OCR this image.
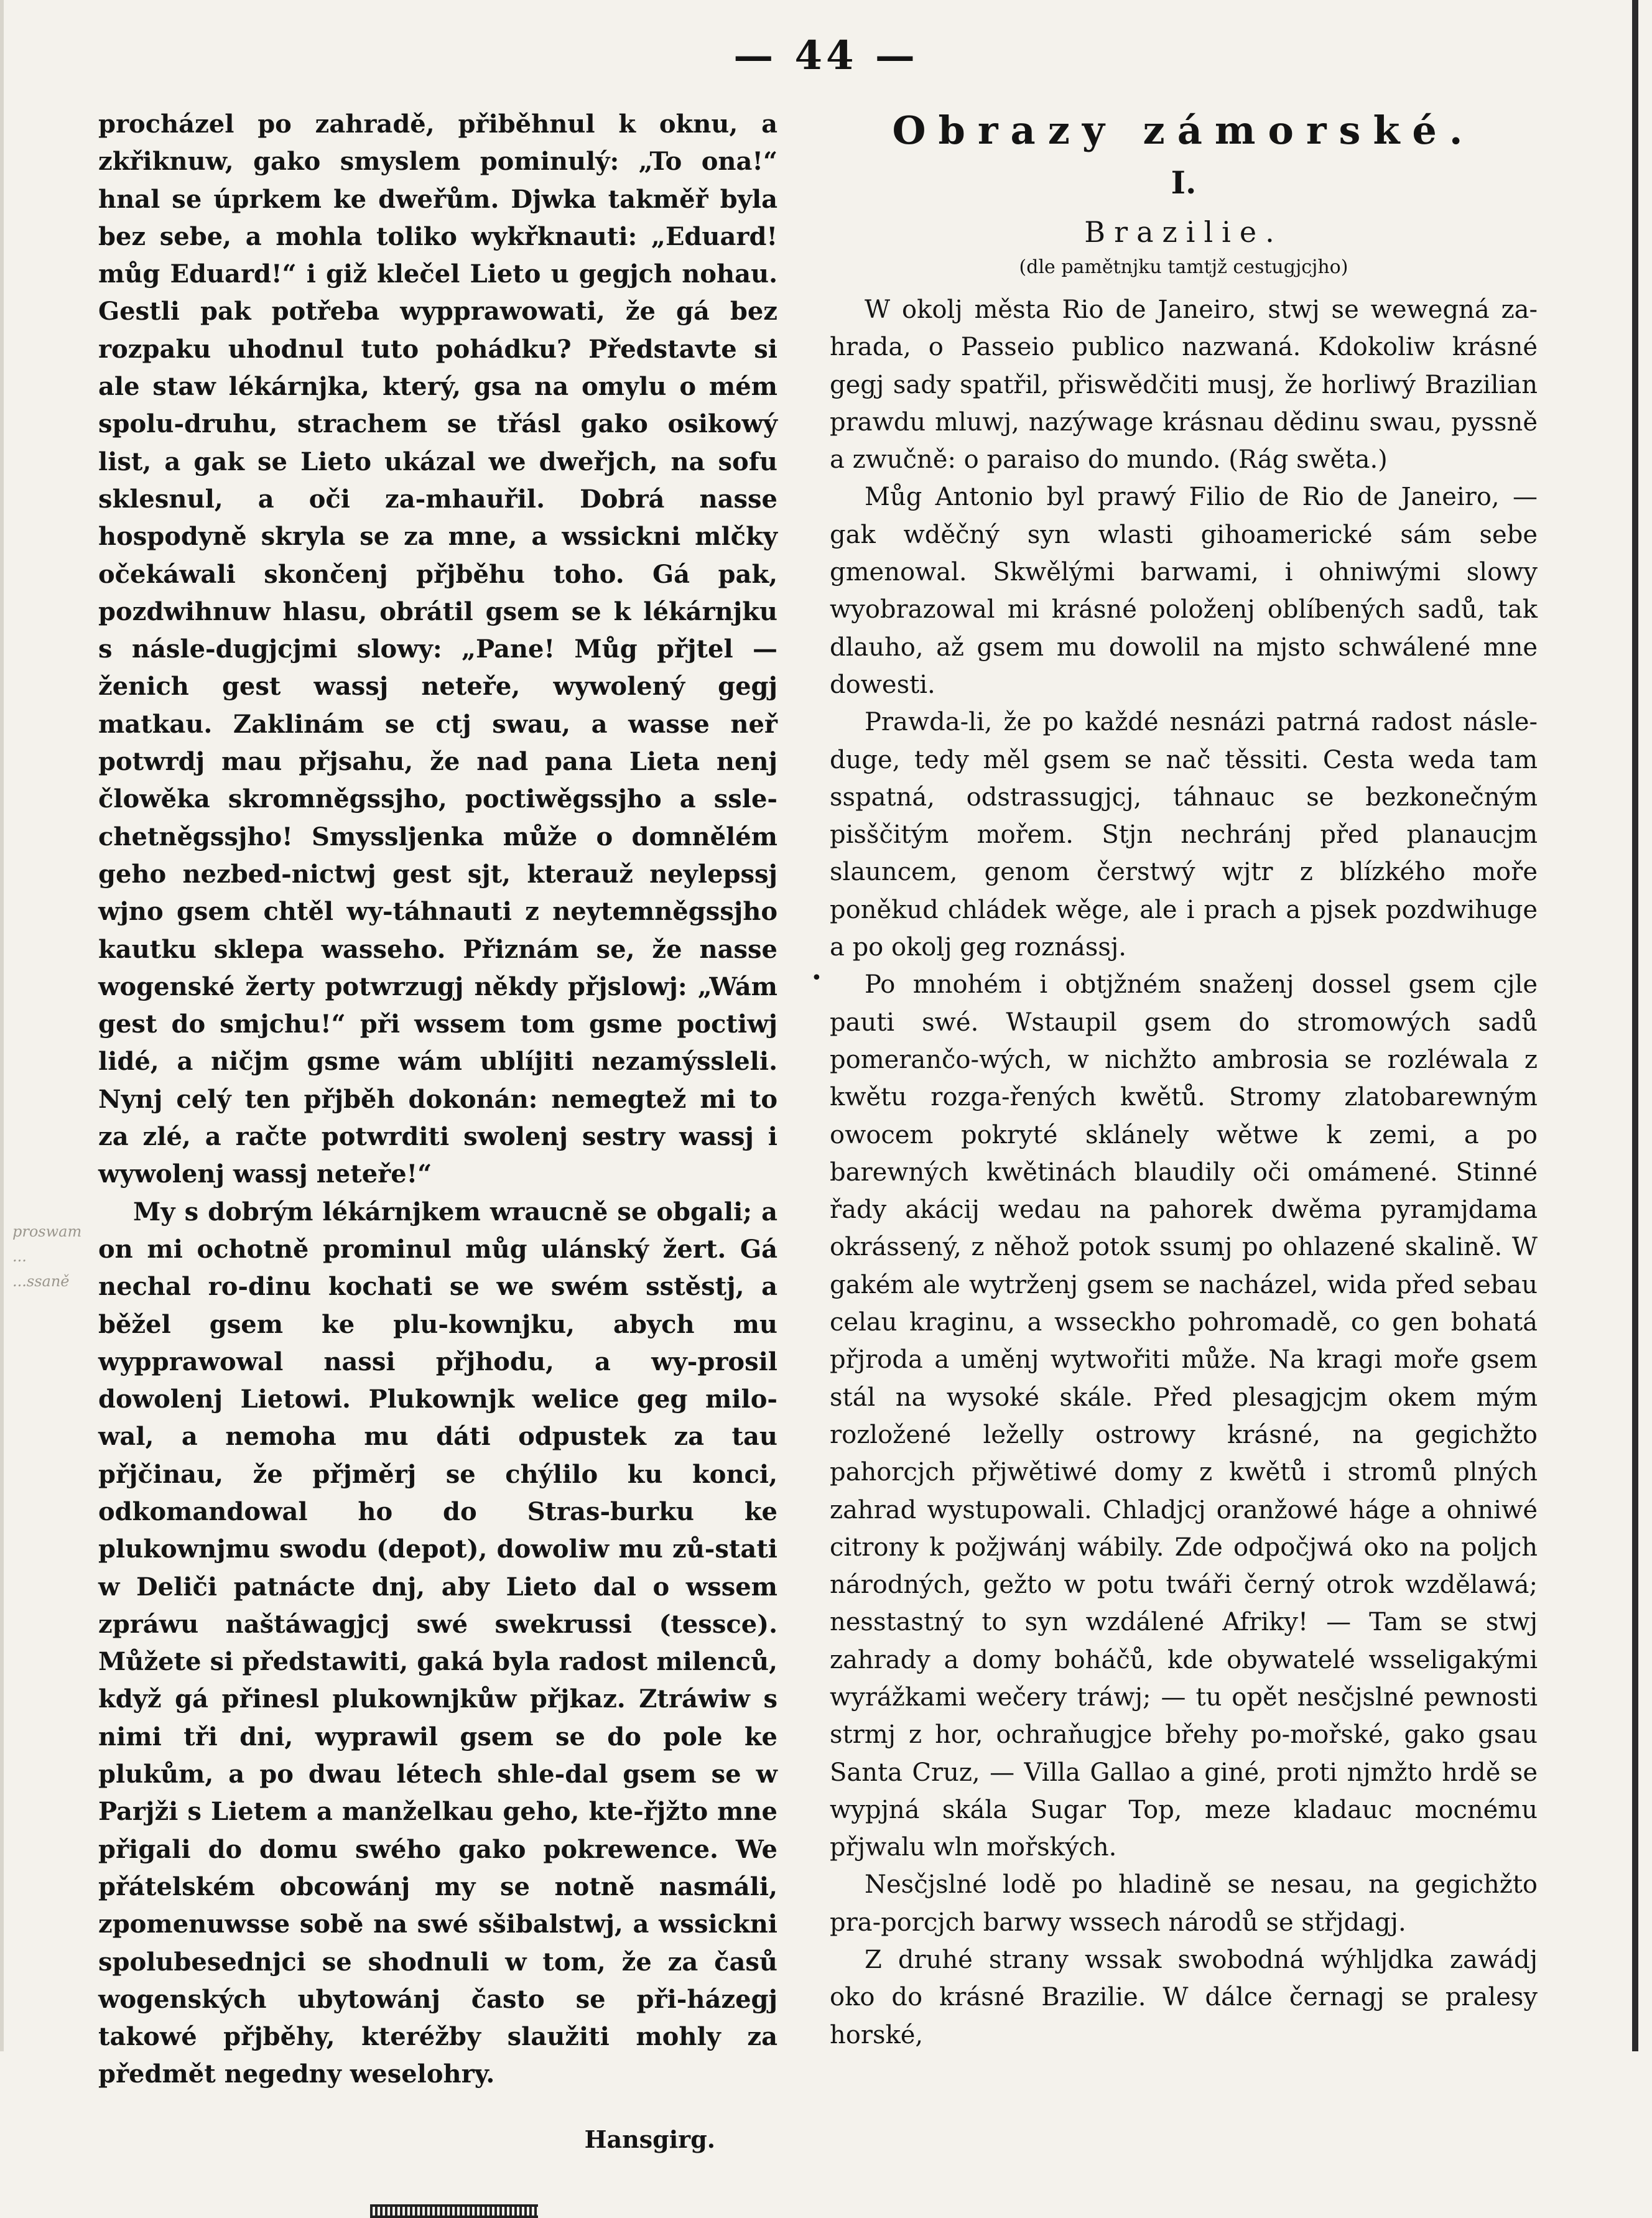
— 44 —
proswam ... ...ssaně

procházel po zahradě, přiběhnul k oknu, a zkřiknuw, gako smyslem pominulý: „To ona!“ hnal se úprkem ke dweřům. Djwka takměř byla bez sebe, a mohla toliko wykřknauti: „Eduard! můg Eduard!“ i giž klečel Lieto u gegjch nohau. Gestli pak potřeba wypprawowati, že gá bez rozpaku uhodnul tuto pohádku? Představte si ale staw lékárnjka, který, gsa na omylu o mém spolu-druhu, strachem se třásl gako osikowý list, a gak se Lieto ukázal we dweřjch, na sofu sklesnul, a oči za-mhauřil. Dobrá nasse hospodyně skryla se za mne, a wssickni mlčky očekáwali skončenj přjběhu toho. Gá pak, pozdwihnuw hlasu, obrátil gsem se k lékárnjku s násle-dugjcjmi slowy: „Pane! Můg přjtel — ženich gest wassj neteře, wywolený gegj matkau. Zaklinám se ctj swau, a wasse neř potwrdj mau přjsahu, že nad pana Lieta nenj člowěka skromněgssjho, poctiwěgssjho a ssle-chetněgssjho! Smyssljenka může o domnělém geho nezbed-nictwj gest sjt, kterauž neylepssj wjno gsem chtěl wy-táhnauti z neytemněgssjho kautku sklepa wasseho. Přiznám se, že nasse wogenské žerty potwrzugj někdy přjslowj: „Wám gest do smjchu!“ při wssem tom gsme poctiwj lidé, a ničjm gsme wám ublíjiti nezamýssleli. Nynj celý ten přjběh dokonán: nemegtež mi to za zlé, a račte potwrditi swolenj sestry wassj i wywolenj wassj neteře!“

My s dobrým lékárnjkem wraucně se obgali; a on mi ochotně prominul můg ulánský žert. Gá nechal ro-dinu kochati se we swém sstěstj, a běžel gsem ke plu-kownjku, abych mu wypprawowal nassi přjhodu, a wy-prosil dowolenj Lietowi. Plukownjk welice geg milo-wal, a nemoha mu dáti odpustek za tau přjčinau, že přjměrj se chýlilo ku konci, odkomandowal ho do Stras-burku ke plukownjmu swodu (depot), dowoliw mu zů-stati w Deliči patnácte dnj, aby Lieto dal o wssem zpráwu naštáwagjcj swé swekrussi (tessce). Můžete si předstawiti, gaká byla radost milenců, když gá přinesl plukownjkůw přjkaz. Ztráwiw s nimi tři dni, wyprawil gsem se do pole ke plukům, a po dwau létech shle-dal gsem se w Parjži s Lietem a manželkau geho, kte-řjžto mne přigali do domu swého gako pokrewence. We přátelském obcowánj my se notně nasmáli, zpomenuwsse sobě na swé sšibalstwj, a wssickni spolubesednjci se shodnuli w tom, že za časů wogenských ubytowánj často se při-házegj takowé přjběhy, kteréžby slaužiti mohly za předmět negedny weselohry.

Hansgirg.
•
Obrazy zámorské.
I.
Brazilie.
(dle pamětnjku tamtjž cestugjcjho)

W okolj města Rio de Janeiro, stwj se wewegná za-hrada, o Passeio publico nazwaná. Kdokoliw krásné gegj sady spatřil, přiswědčiti musj, že horliwý Brazilian prawdu mluwj, nazýwage krásnau dědinu swau, pyssně a zwučně: o paraiso do mundo. (Rág swěta.)

Můg Antonio byl prawý Filio de Rio de Janeiro, — gak wděčný syn wlasti gihoamerické sám sebe gmenowal. Skwělými barwami, i ohniwými slowy wyobrazowal mi krásné položenj oblíbených sadů, tak dlauho, až gsem mu dowolil na mjsto schwálené mne dowesti.

Prawda-li, že po každé nesnázi patrná radost násle-duge, tedy měl gsem se nač těssiti. Cesta weda tam sspatná, odstrassugjcj, táhnauc se bezkonečným pisščitým mořem. Stjn nechránj před planaucjm slauncem, genom čerstwý wjtr z blízkého moře poněkud chládek wěge, ale i prach a pjsek pozdwihuge a po okolj geg roznássj.

Po mnohém i obtjžném snaženj dossel gsem cjle pauti swé. Wstaupil gsem do stromowých sadů pomerančo-wých, w nichžto ambrosia se rozléwala z kwětu rozga-řených kwětů. Stromy zlatobarewným owocem pokryté sklánely wětwe k zemi, a po barewných kwětinách blaudily oči omámené. Stinné řady akácij wedau na pahorek dwěma pyramjdama okrássený, z něhož potok ssumj po ohlazené skalině. W gakém ale wytrženj gsem se nacházel, wida před sebau celau kraginu, a wsseckho pohromadě, co gen bohatá přjroda a uměnj wytwořiti může. Na kragi moře gsem stál na wysoké skále. Před plesagjcjm okem mým rozložené leželly ostrowy krásné, na gegichžto pahorcjch přjwětiwé domy z kwětů i stromů plných zahrad wystupowali. Chladjcj oranžowé háge a ohniwé citrony k požjwánj wábily. Zde odpočjwá oko na poljch národných, gežto w potu twáři černý otrok wzdělawá; nesstastný to syn wzdálené Afriky! — Tam se stwj zahrady a domy boháčů, kde obywatelé wsseligakými wyrážkami wečery tráwj; — tu opět nesčjslné pewnosti strmj z hor, ochraňugjce břehy po-mořské, gako gsau Santa Cruz, — Villa Gallao a giné, proti njmžto hrdě se wypjná skála Sugar Top, meze kladauc mocnému přjwalu wln mořských.

Nesčjslné lodě po hladině se nesau, na gegichžto pra-porcjch barwy wssech národů se střjdagj.

Z druhé strany wssak swobodná wýhljdka zawádj oko do krásné Brazilie. W dálce černagj se pralesy horské,
